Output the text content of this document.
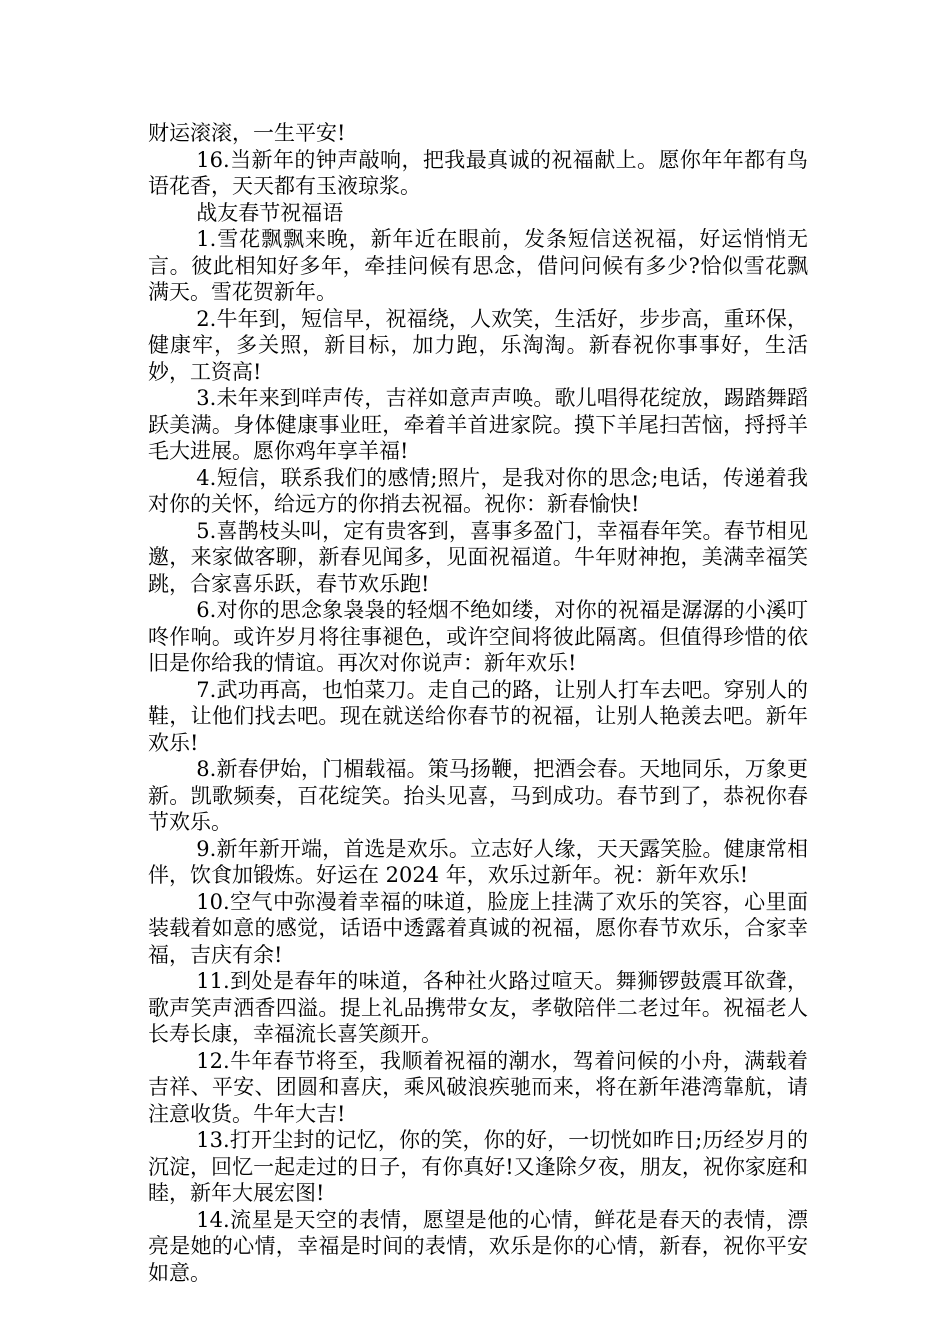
财运滚滚，一生平安!

16.当新年的钟声敲响，把我最真诚的祝福献上。愿你年年都有鸟语花香，天天都有玉液琼浆。

战友春节祝福语

1.雪花飘飘来晚，新年近在眼前，发条短信送祝福，好运悄悄无言。彼此相知好多年，牵挂问候有思念，借问问候有多少?恰似雪花飘满天。雪花贺新年。

2.牛年到，短信早，祝福绕，人欢笑，生活好，步步高，重环保，健康牢，多关照，新目标，加力跑，乐淘淘。新春祝你事事好，生活妙，工资高!

3.未年来到咩声传，吉祥如意声声唤。歌儿唱得花绽放，踢踏舞蹈跃美满。身体健康事业旺，牵着羊首进家院。摸下羊尾扫苦恼，捋捋羊毛大进展。愿你鸡年享羊福!

4.短信，联系我们的感情;照片，是我对你的思念;电话，传递着我对你的关怀，给远方的你捎去祝福。祝你：新春愉快!

5.喜鹊枝头叫，定有贵客到，喜事多盈门，幸福春年笑。春节相见邀，来家做客聊，新春见闻多，见面祝福道。牛年财神抱，美满幸福笑跳，合家喜乐跃，春节欢乐跑!

6.对你的思念象袅袅的轻烟不绝如缕，对你的祝福是潺潺的小溪叮咚作响。或许岁月将往事褪色，或许空间将彼此隔离。但值得珍惜的依旧是你给我的情谊。再次对你说声：新年欢乐!

7.武功再高，也怕菜刀。走自己的路，让别人打车去吧。穿别人的鞋，让他们找去吧。现在就送给你春节的祝福，让别人艳羡去吧。新年欢乐!

8.新春伊始，门楣载福。策马扬鞭，把酒会春。天地同乐，万象更新。凯歌频奏，百花绽笑。抬头见喜，马到成功。春节到了，恭祝你春节欢乐。

9.新年新开端，首选是欢乐。立志好人缘，天天露笑脸。健康常相伴，饮食加锻炼。好运在 2024 年，欢乐过新年。祝：新年欢乐!

10.空气中弥漫着幸福的味道，脸庞上挂满了欢乐的笑容，心里面装载着如意的感觉，话语中透露着真诚的祝福，愿你春节欢乐，合家幸福，吉庆有余!

11.到处是春年的味道，各种社火路过喧天。舞狮锣鼓震耳欲聋，歌声笑声洒香四溢。提上礼品携带女友，孝敬陪伴二老过年。祝福老人长寿长康，幸福流长喜笑颜开。

12.牛年春节将至，我顺着祝福的潮水，驾着问候的小舟，满载着吉祥、平安、团圆和喜庆，乘风破浪疾驰而来，将在新年港湾靠航，请注意收货。牛年大吉!

13.打开尘封的记忆，你的笑，你的好，一切恍如昨日;历经岁月的沉淀，回忆一起走过的日子，有你真好!又逢除夕夜，朋友，祝你家庭和睦，新年大展宏图!

14.流星是天空的表情，愿望是他的心情，鲜花是春天的表情，漂亮是她的心情，幸福是时间的表情，欢乐是你的心情，新春，祝你平安如意。
